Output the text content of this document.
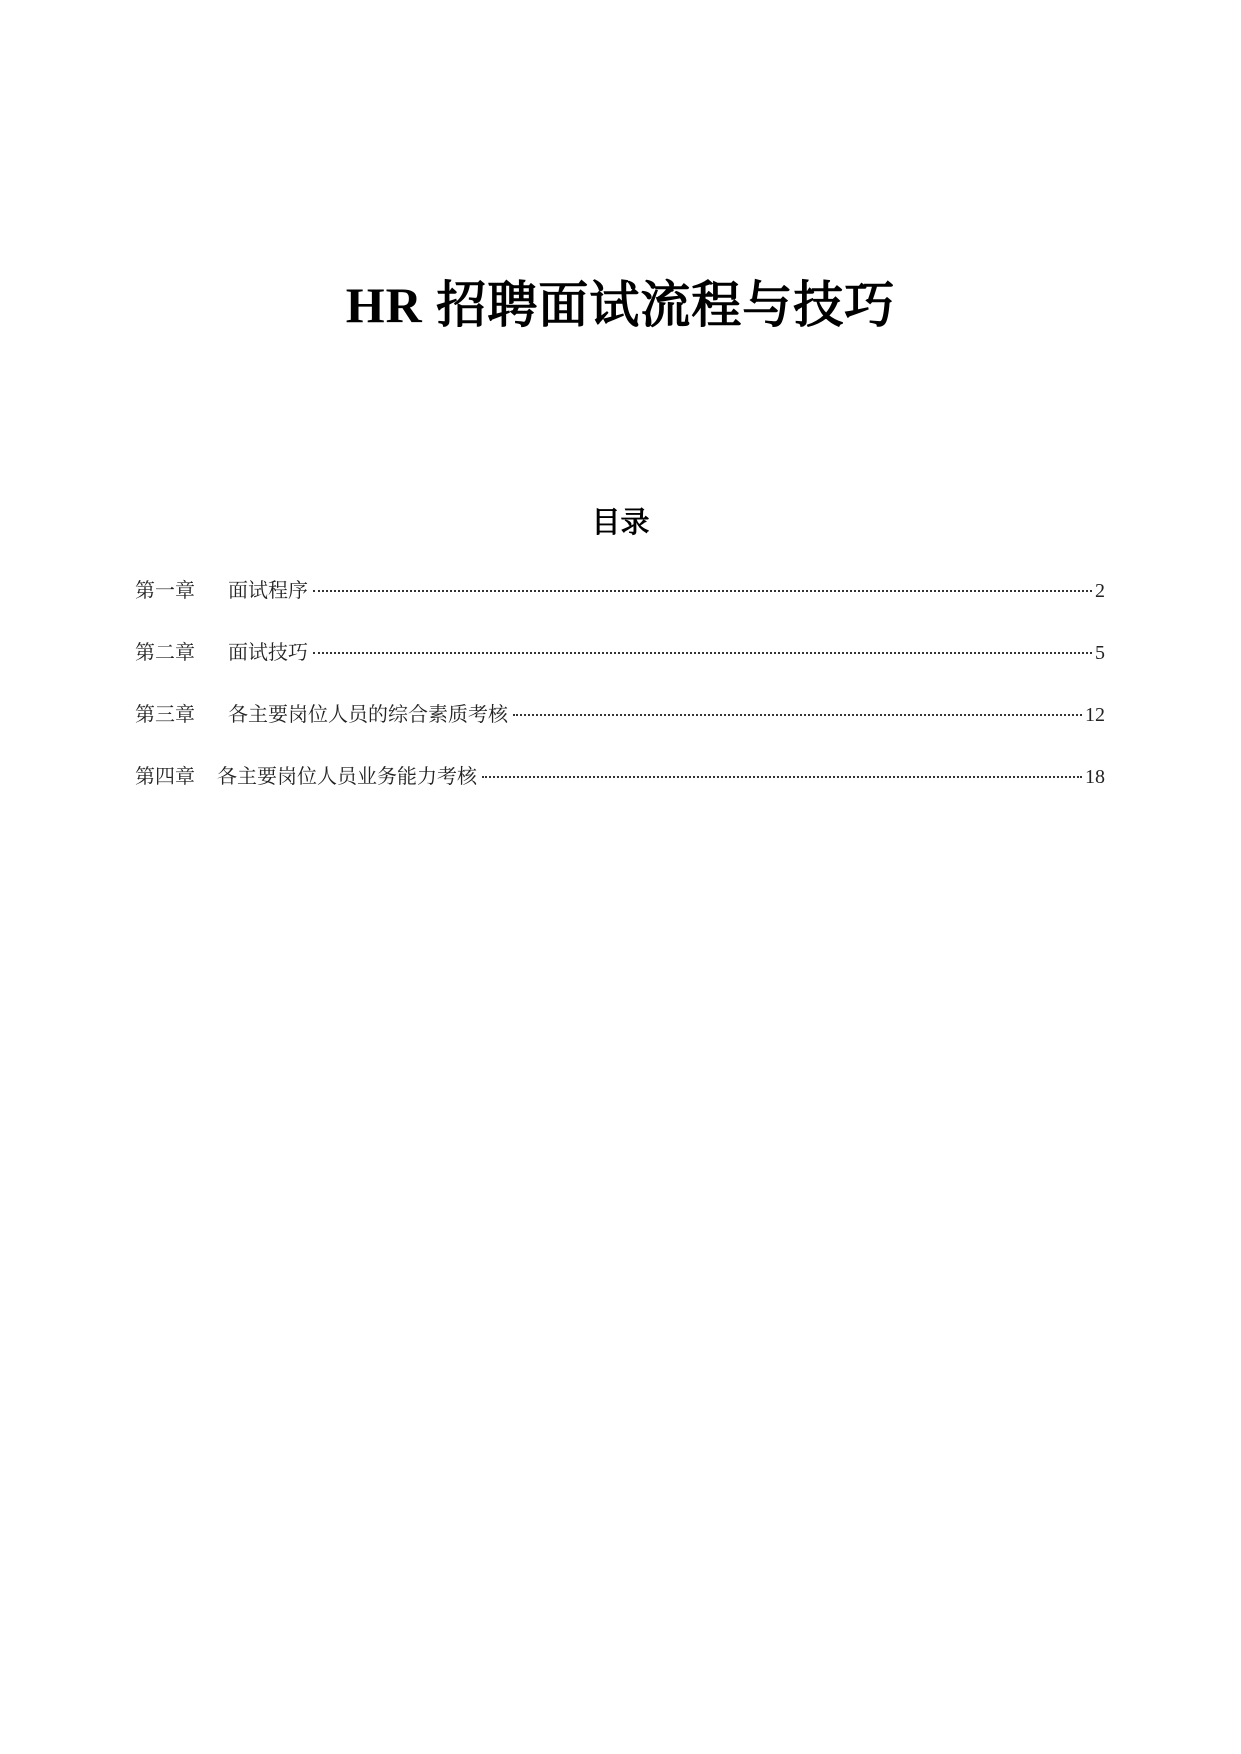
HR 招聘面试流程与技巧
目录
第一章 面试程序	2
第二章 面试技巧	5
第三章 各主要岗位人员的综合素质考核	12
第四章 各主要岗位人员业务能力考核	18
